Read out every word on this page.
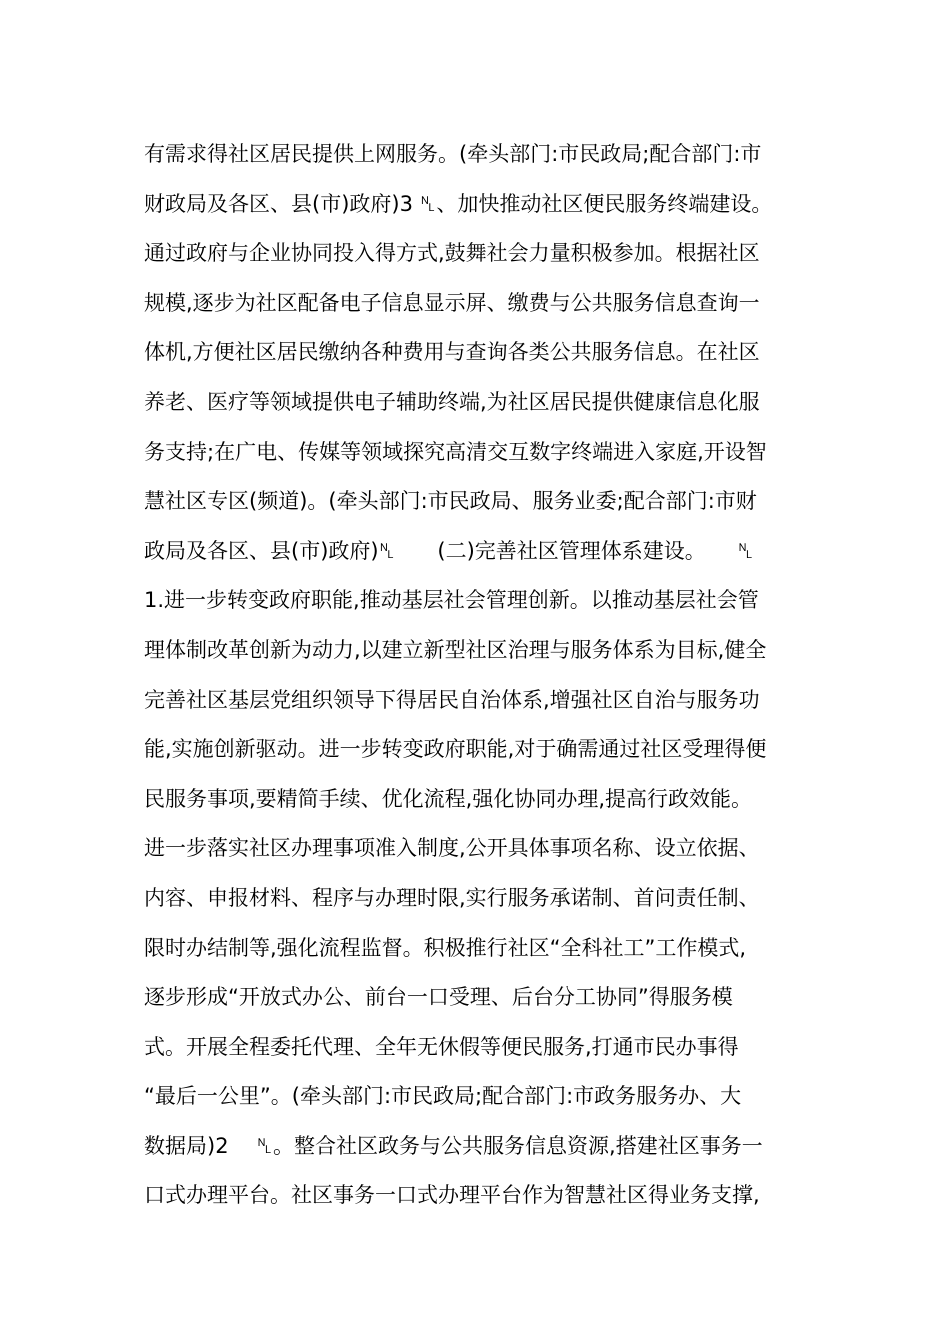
有需求得社区居民提供上网服务。(牵头部门:市民政局;配合部门:市
财政局及各区、县(市)政府)3 ␤、加快推动社区便民服务终端建设。
通过政府与企业协同投入得方式,鼓舞社会力量积极参加。根据社区
规模,逐步为社区配备电子信息显示屏、缴费与公共服务信息查询一
体机,方便社区居民缴纳各种费用与查询各类公共服务信息。在社区
养老、医疗等领域提供电子辅助终端,为社区居民提供健康信息化服
务支持;在广电、传媒等领域探究高清交互数字终端进入家庭,开设智
慧社区专区(频道)。(牵头部门:市民政局、服务业委;配合部门:市财
政局及各区、县(市)政府)␤　　(二)完善社区管理体系建设。　　␤
1.进一步转变政府职能,推动基层社会管理创新。以推动基层社会管
理体制改革创新为动力,以建立新型社区治理与服务体系为目标,健全
完善社区基层党组织领导下得居民自治体系,增强社区自治与服务功
能,实施创新驱动。进一步转变政府职能,对于确需通过社区受理得便
民服务事项,要精简手续、优化流程,强化协同办理,提高行政效能。
进一步落实社区办理事项准入制度,公开具体事项名称、设立依据、
内容、申报材料、程序与办理时限,实行服务承诺制、首问责任制、
限时办结制等,强化流程监督。积极推行社区“全科社工”工作模式,
逐步形成“开放式办公、前台一口受理、后台分工协同”得服务模
式。开展全程委托代理、全年无休假等便民服务,打通市民办事得
“最后一公里”。(牵头部门:市民政局;配合部门:市政务服务办、大
数据局)2　 ␤。整合社区政务与公共服务信息资源,搭建社区事务一
口式办理平台。社区事务一口式办理平台作为智慧社区得业务支撑,
